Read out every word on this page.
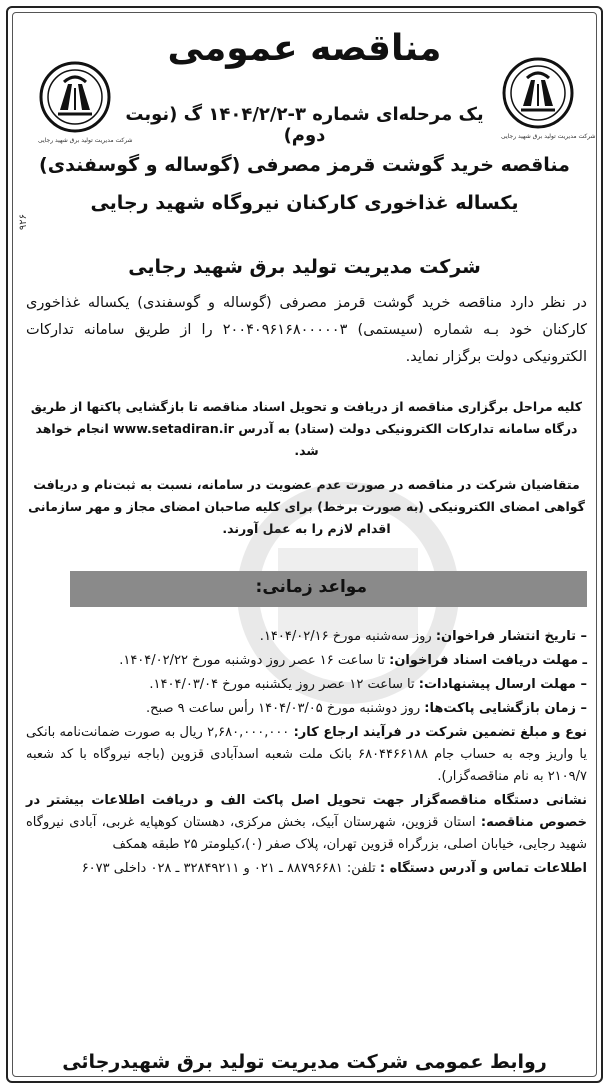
شرکت مدیریت تولید برق شهید رجایی
شرکت مدیریت تولید برق شهید رجایی
مناقصه عمومی
یک مرحله‌ای شماره ۳-۱۴۰۴/۲/۲ گ (نوبت دوم)
مناقصه خرید گوشت قرمز مصرفی (گوساله و گوسفندی)
یکساله غذاخوری کارکنان نیروگاه شهید رجایی
۹۲۶
شرکت مدیریت تولید برق شهید رجایی
در نظر دارد مناقصه خرید گوشت قرمز مصرفی (گوساله و گوسفندی) یکساله غذاخوری کارکنان خود بـه شماره (سیستمی) ۲۰۰۴۰۹۶۱۶۸۰۰۰۰۰۳ را از طریق سامانه تدارکات الکترونیکی دولت برگزار نماید.
کلیه مراحل برگزاری مناقصه از دریافت و تحویل اسناد مناقصه تا بازگشایی پاکتها از طریق درگاه سامانه تدارکات الکترونیکی دولت (ستاد) به آدرس www.setadiran.ir انجام خواهد شد.
متقاضیان شرکت در مناقصه در صورت عدم عضویت در سامانه، نسبت به ثبت‌نام و دریافت گواهی امضای الکترونیکی (به صورت برخط) برای کلیه صاحبان امضای مجاز و مهر سازمانی اقدام لازم را به عمل آورند.
مواعد زمانی:

– تاریخ انتشار فراخوان: روز سه‌شنبه مورخ ۱۴۰۴/۰۲/۱۶.

ـ مهلت دریافت اسناد فراخوان: تا ساعت ۱۶ عصر روز دوشنبه مورخ ۱۴۰۴/۰۲/۲۲.

– مهلت ارسال پیشنهادات: تا ساعت ۱۲ عصر روز یکشنبه مورخ ۱۴۰۴/۰۳/۰۴.

– زمان بازگشایی پاکت‌ها: روز دوشنبه مورخ ۱۴۰۴/۰۳/۰۵ رأس ساعت ۹ صبح.

نوع و مبلغ تضمین شرکت در فرآیند ارجاع کار: ۲,۶۸۰,۰۰۰,۰۰۰ ریال به صورت ضمانت‌نامه بانکی یا واریز وجه به حساب جام ۶۸۰۴۴۶۶۱۸۸ بانک ملت شعبه اسدآبادی قزوین (باجه نیروگاه با کد شعبه ۲۱۰۹/۷ به نام مناقصه‌گزار).

نشانی دستگاه مناقصه‌گزار جهت تحویل اصل پاکت الف و دریافت اطلاعات بیشتر در خصوص مناقصه: استان قزوین، شهرستان آبیک، بخش مرکزی، دهستان کوهپایه غربی، آبادی نیروگاه شهید رجایی، خیابان اصلی، بزرگراه قزوین تهران، پلاک صفر (۰)،کیلومتر ۲۵ طبقه همکف

اطلاعات تماس و آدرس دستگاه : تلفن: ۸۸۷۹۶۶۸۱ ـ ۰۲۱ و ۳۲۸۴۹۲۱۱ ـ ۰۲۸ داخلی ۶۰۷۳

روابط عمومی شرکت مدیریت تولید برق شهیدرجائی
